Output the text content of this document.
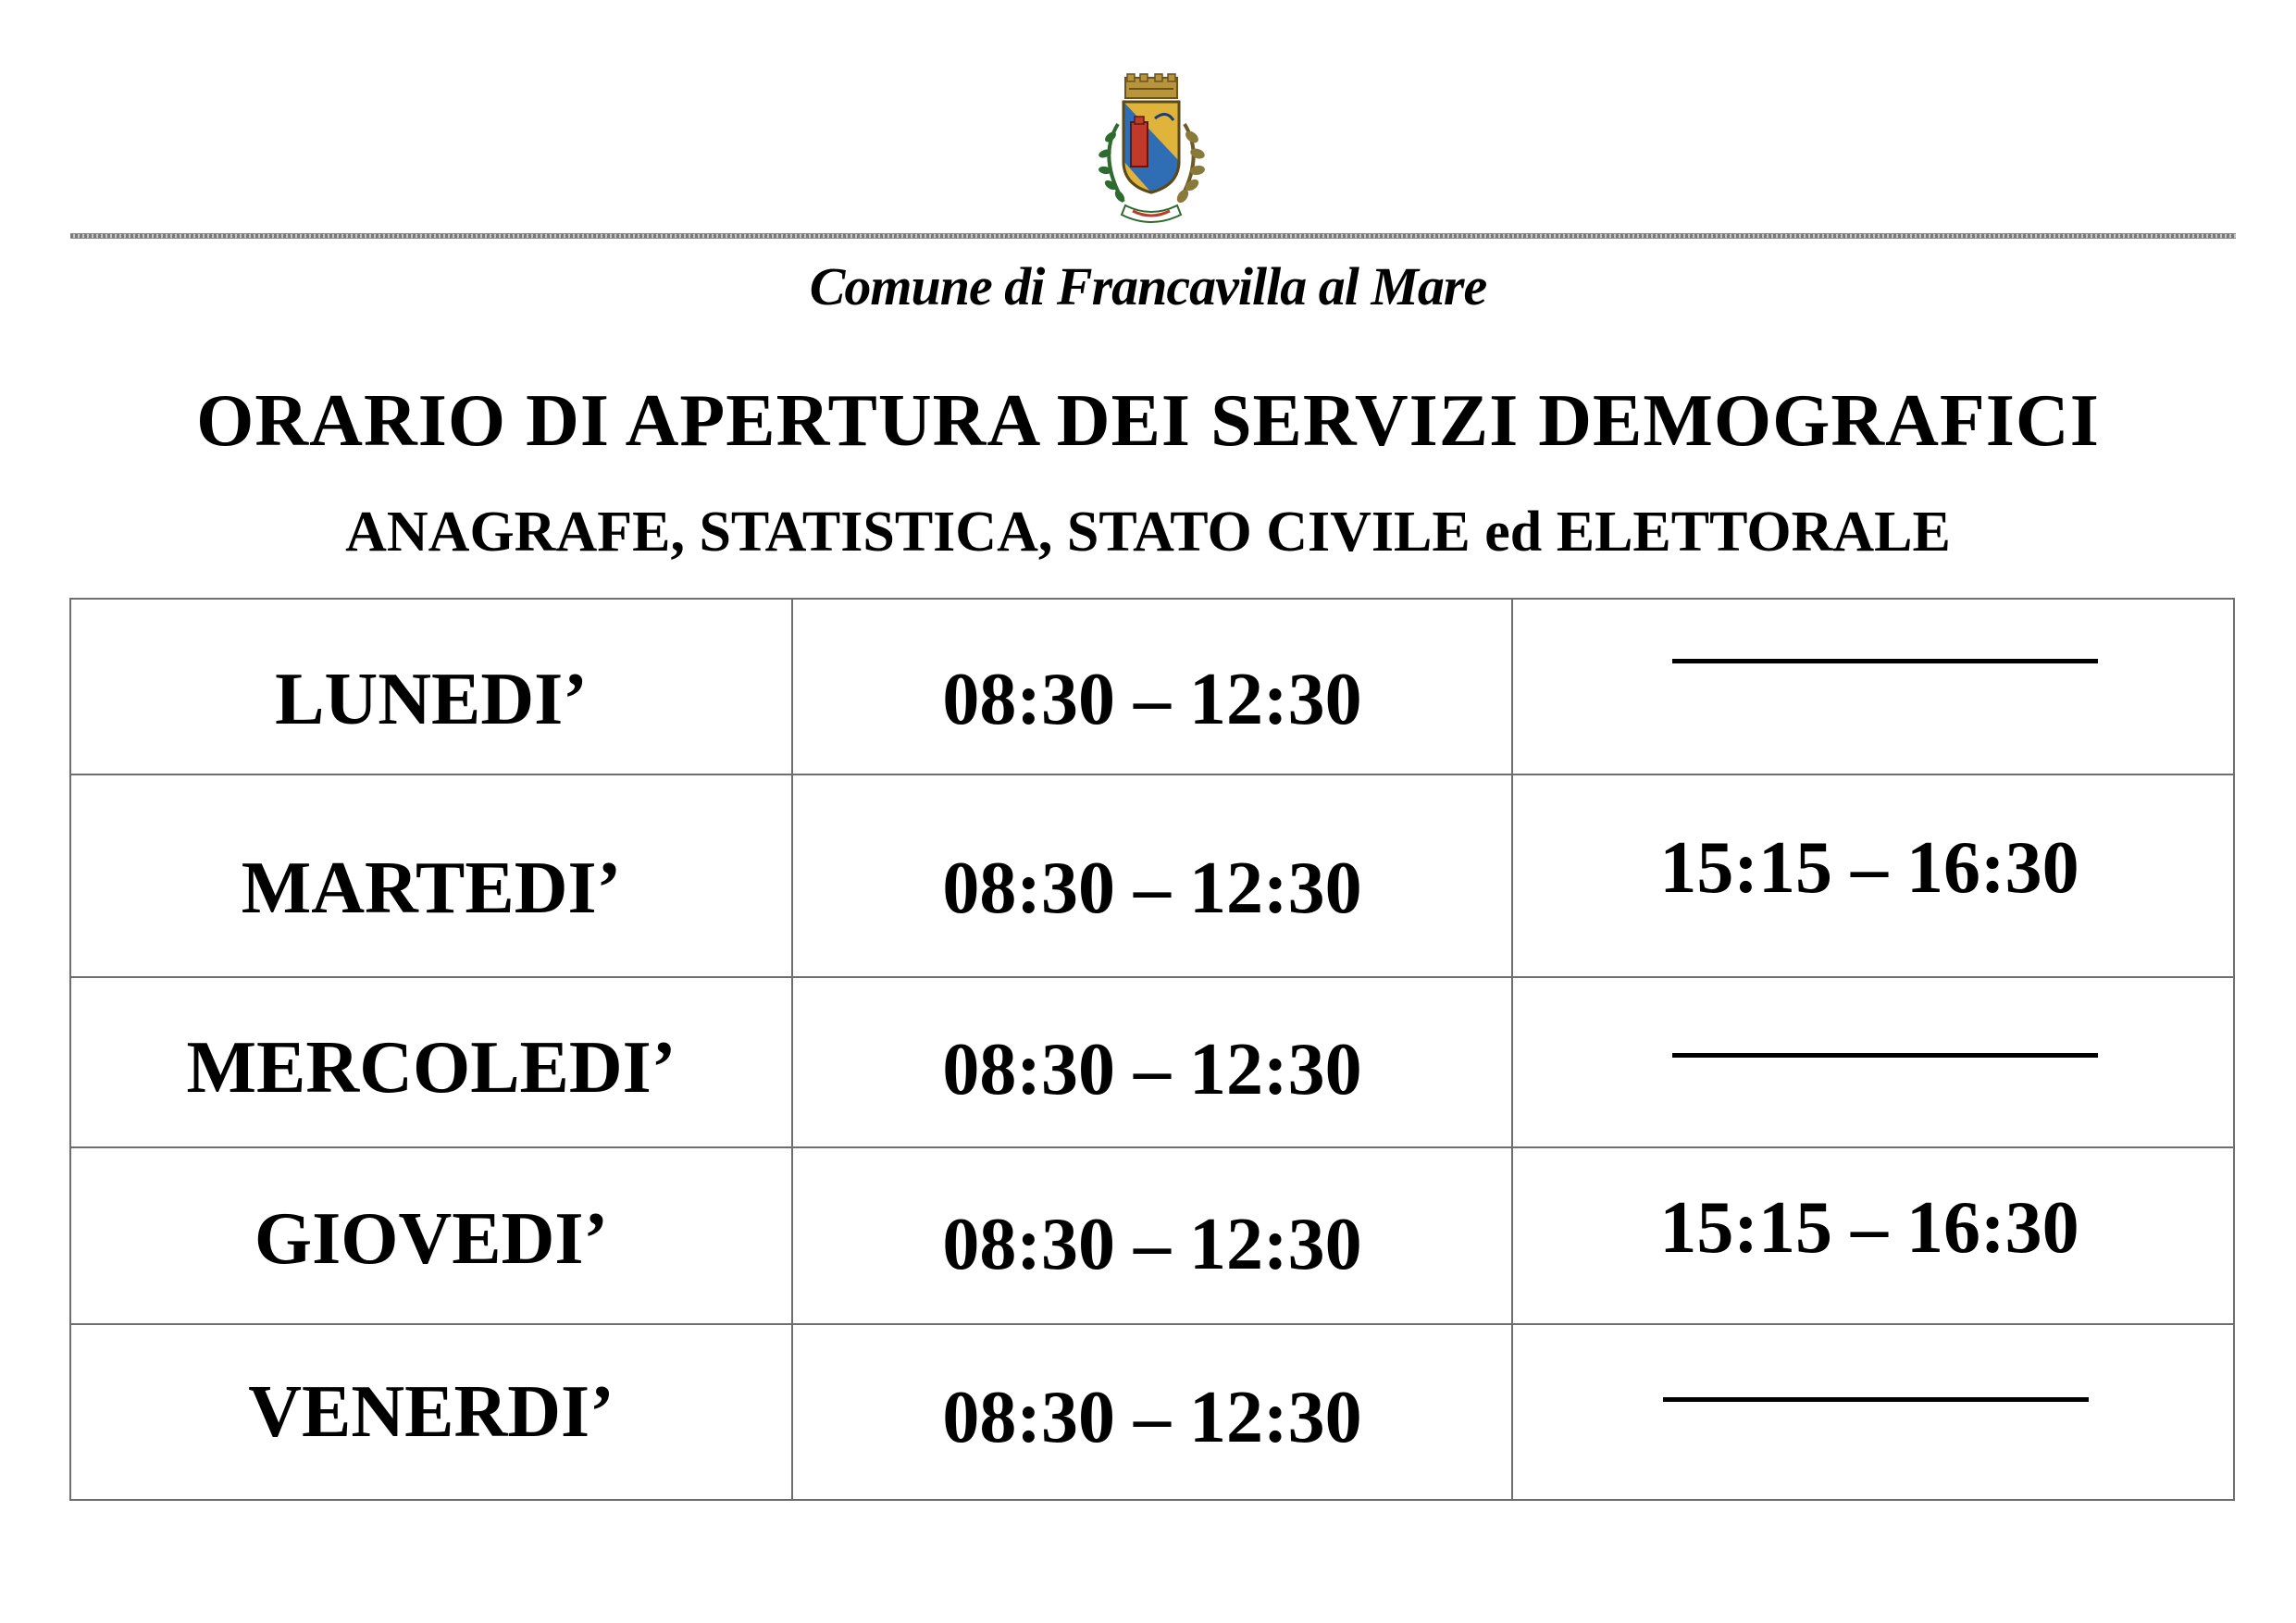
Comune di Francavilla al Mare
ORARIO DI APERTURA DEI SERVIZI DEMOGRAFICI
ANAGRAFE, STATISTICA, STATO CIVILE ed ELETTORALE
LUNEDI’	08:30 – 12:30	

MARTEDI’	08:30 – 12:30	15:15 – 16:30
MERCOLEDI’	08:30 – 12:30	

GIOVEDI’	08:30 – 12:30	15:15 – 16:30
VENERDI’	08:30 – 12:30	
